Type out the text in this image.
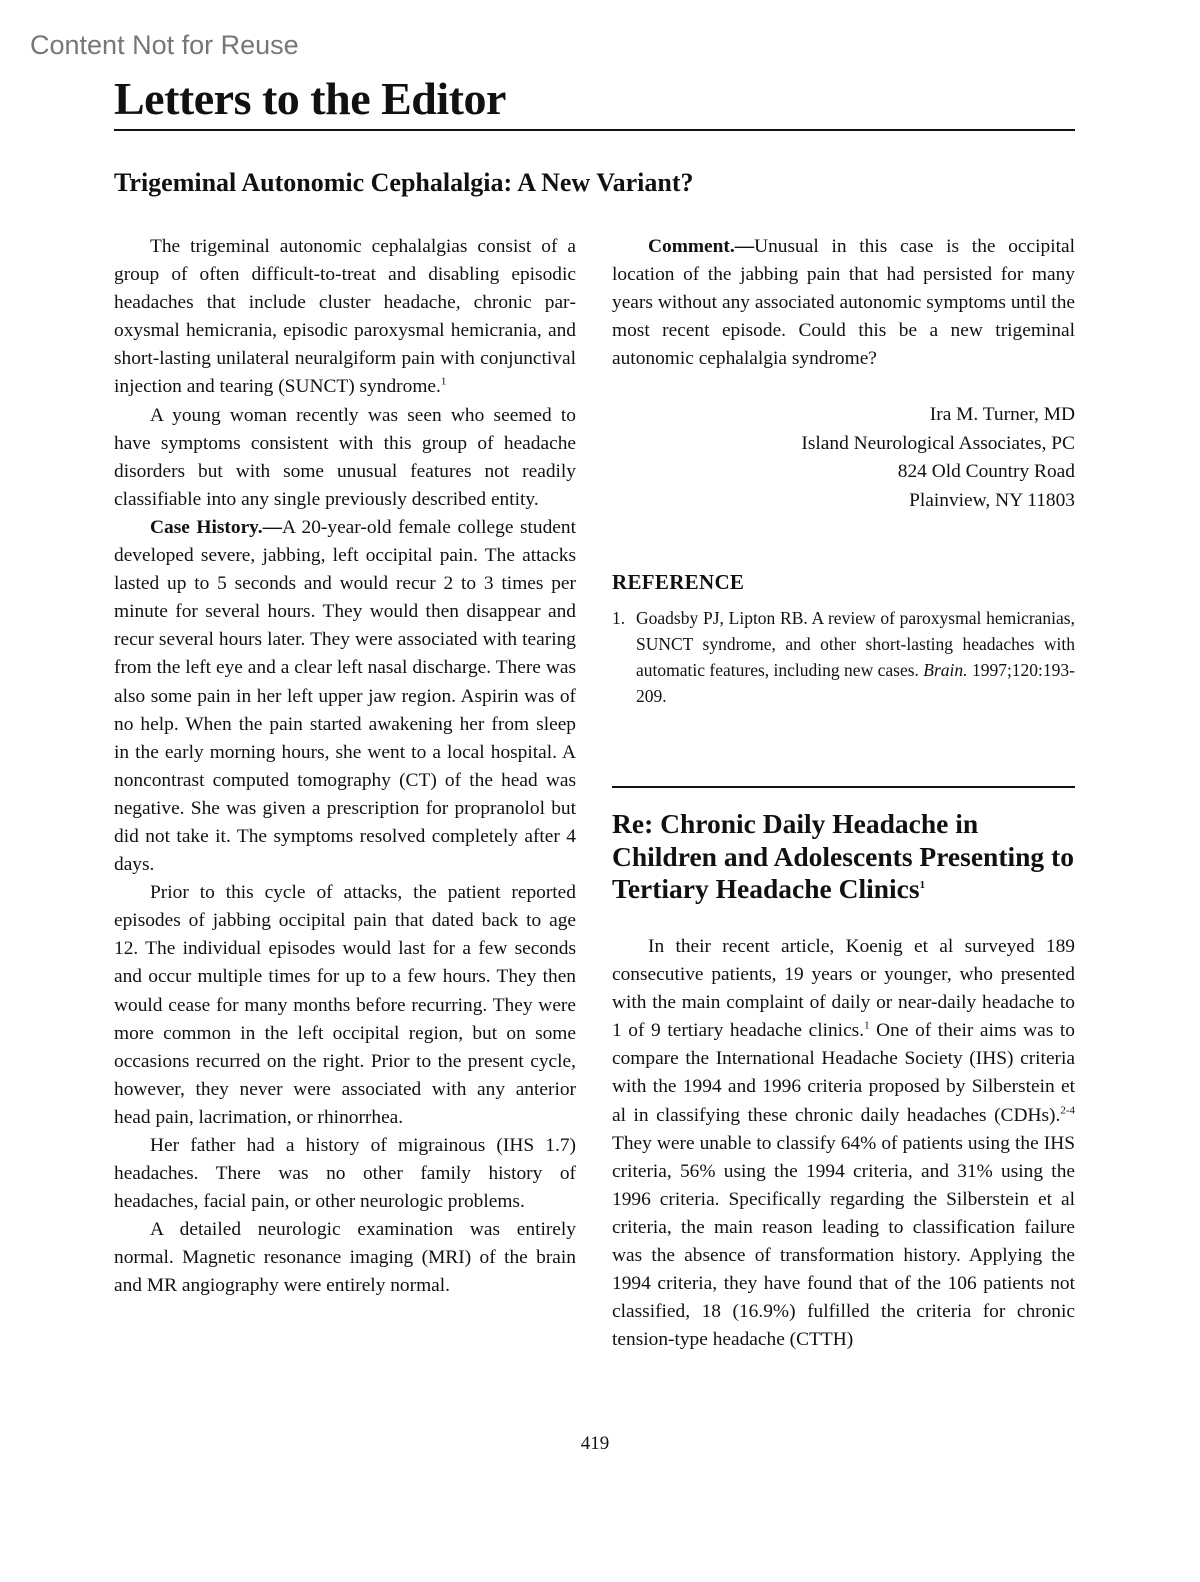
Content Not for Reuse
Letters to the Editor
Trigeminal Autonomic Cephalalgia: A New Variant?

The trigeminal autonomic cephalalgias consist of a group of often difficult-to-treat and disabling episodic headaches that include cluster headache, chronic paroxysmal hemicrania, episodic paroxysmal hemicrania, and short-lasting unilateral neuralgiform pain with conjunctival injection and tearing (SUNCT) syndrome.$^1$

A young woman recently was seen who seemed to have symptoms consistent with this group of headache disorders but with some unusual features not readily classifiable into any single previously described entity.

Case History.—A 20-year-old female college student developed severe, jabbing, left occipital pain. The attacks lasted up to 5 seconds and would recur 2 to 3 times per minute for several hours. They would then disappear and recur several hours later. They were associated with tearing from the left eye and a clear left nasal discharge. There was also some pain in her left upper jaw region. Aspirin was of no help. When the pain started awakening her from sleep in the early morning hours, she went to a local hospital. A noncontrast computed tomography (CT) of the head was negative. She was given a prescription for propranolol but did not take it. The symptoms resolved completely after 4 days.

Prior to this cycle of attacks, the patient reported episodes of jabbing occipital pain that dated back to age 12. The individual episodes would last for a few seconds and occur multiple times for up to a few hours. They then would cease for many months before recurring. They were more common in the left occipital region, but on some occasions recurred on the right. Prior to the present cycle, however, they never were associated with any anterior head pain, lacrimation, or rhinorrhea.

Her father had a history of migrainous (IHS 1.7) headaches. There was no other family history of headaches, facial pain, or other neurologic problems.

A detailed neurologic examination was entirely normal. Magnetic resonance imaging (MRI) of the brain and MR angiography were entirely normal.

Comment.—Unusual in this case is the occipital location of the jabbing pain that had persisted for many years without any associated autonomic symptoms until the most recent episode. Could this be a new trigeminal autonomic cephalalgia syndrome?

Ira M. Turner, MD
Island Neurological Associates, PC
824 Old Country Road
Plainview, NY 11803
REFERENCE
1. Goadsby PJ, Lipton RB. A review of paroxysmal hemicranias, SUNCT syndrome, and other short-lasting headaches with automatic features, including new cases. Brain. 1997;120:193-209.
Re: Chronic Daily Headache in Children and Adolescents Presenting to Tertiary Headache Clinics$^1$

In their recent article, Koenig et al surveyed 189 consecutive patients, 19 years or younger, who presented with the main complaint of daily or near-daily headache to 1 of 9 tertiary headache clinics.$^1$ One of their aims was to compare the International Headache Society (IHS) criteria with the 1994 and 1996 criteria proposed by Silberstein et al in classifying these chronic daily headaches (CDHs).$^{2-4}$ They were unable to classify 64% of patients using the IHS criteria, 56% using the 1994 criteria, and 31% using the 1996 criteria. Specifically regarding the Silberstein et al criteria, the main reason leading to classification failure was the absence of transformation history. Applying the 1994 criteria, they have found that of the 106 patients not classified, 18 (16.9%) fulfilled the criteria for chronic tension-type headache (CTTH)

419
